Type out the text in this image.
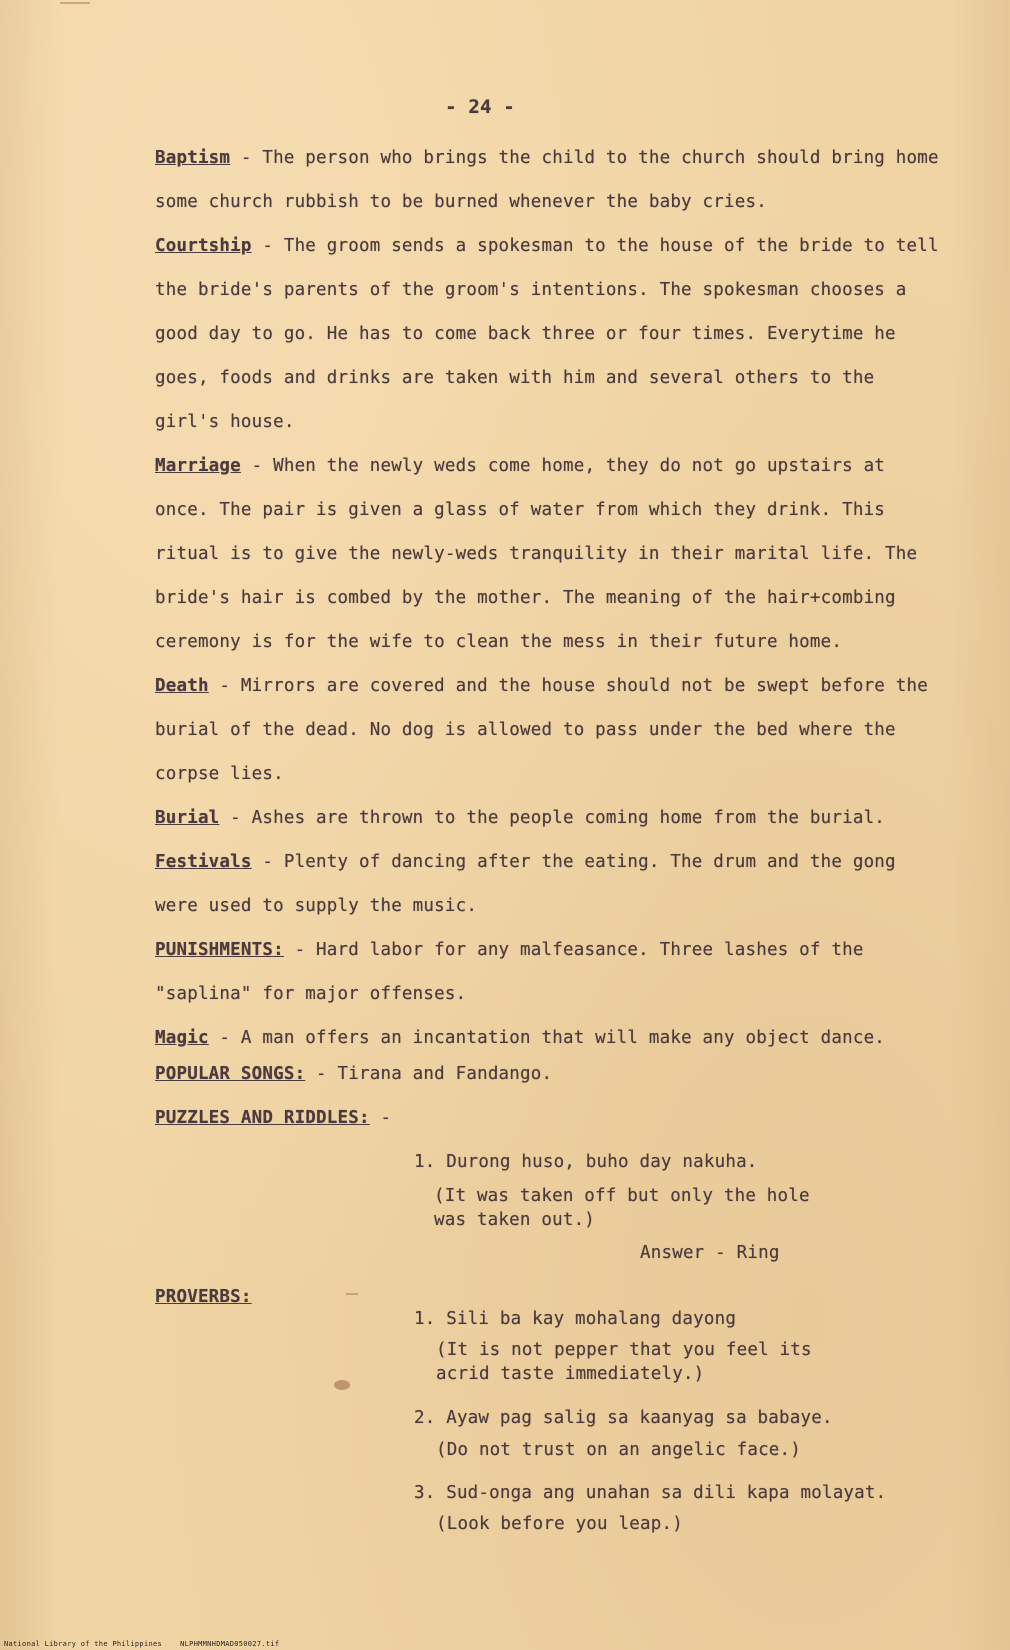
- 24 -

Baptism - The person who brings the child to the church should bring home some church rubbish to be burned whenever the baby cries.

Courtship - The groom sends a spokesman to the house of the bride to tell the bride's parents of the groom's intentions. The spokesman chooses a good day to go. He has to come back three or four times. Everytime he goes, foods and drinks are taken with him and several others to the girl's house.

Marriage - When the newly weds come home, they do not go upstairs at once. The pair is given a glass of water from which they drink. This ritual is to give the newly-weds tranquility in their marital life. The bride's hair is combed by the mother. The meaning of the hair+combing ceremony is for the wife to clean the mess in their future home.

Death - Mirrors are covered and the house should not be swept before the burial of the dead. No dog is allowed to pass under the bed where the corpse lies.

Burial - Ashes are thrown to the people coming home from the burial.

Festivals - Plenty of dancing after the eating. The drum and the gong were used to supply the music.

PUNISHMENTS: - Hard labor for any malfeasance. Three lashes of the "saplina" for major offenses.

Magic - A man offers an incantation that will make any object dance.

POPULAR SONGS: - Tirana and Fandango.

PUZZLES AND RIDDLES: -

1. Durong huso, buho day nakuha.

(It was taken off but only the hole was taken out.)

Answer - Ring

PROVERBS:

1. Sili ba kay mohalang dayong

(It is not pepper that you feel its acrid taste immediately.)

2. Ayaw pag salig sa kaanyag sa babaye.

(Do not trust on an angelic face.)

3. Sud-onga ang unahan sa dili kapa molayat.

(Look before you leap.)

National Library of the Philippines	NLPHMMNHDMAD050027.tif
